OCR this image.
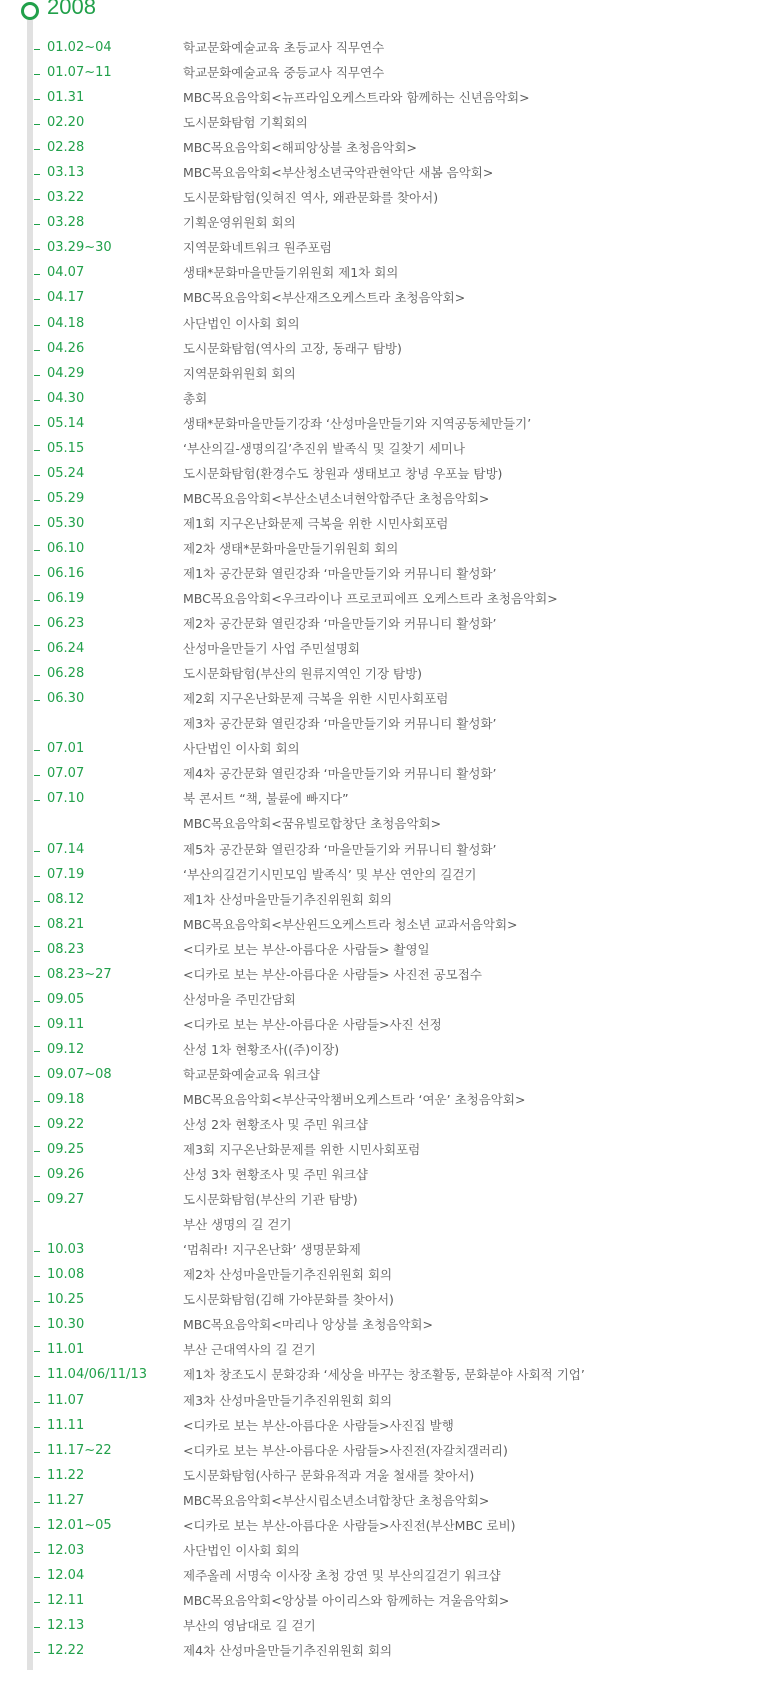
2008
01.02~04	학교문화예술교육 초등교사 직무연수
01.07~11	학교문화예술교육 중등교사 직무연수
01.31	MBC목요음악회<뉴프라임오케스트라와 함께하는 신년음악회>
02.20	도시문화탐험 기획회의
02.28	MBC목요음악회<해피앙상블 초청음악회>
03.13	MBC목요음악회<부산청소년국악관현악단 새봄 음악회>
03.22	도시문화탐험(잊혀진 역사, 왜관문화를 찾아서)
03.28	기획운영위원회 회의
03.29~30	지역문화네트워크 원주포럼
04.07	생태*문화마을만들기위원회 제1차 회의
04.17	MBC목요음악회<부산재즈오케스트라 초청음악회>
04.18	사단법인 이사회 회의
04.26	도시문화탐험(역사의 고장, 동래구 탐방)
04.29	지역문화위원회 회의
04.30	총회
05.14	생태*문화마을만들기강좌 ‘산성마을만들기와 지역공동체만들기’
05.15	‘부산의길-생명의길’추진위 발족식 및 길찾기 세미나
05.24	도시문화탐험(환경수도 창원과 생태보고 창녕 우포늪 탐방)
05.29	MBC목요음악회<부산소년소녀현악합주단 초청음악회>
05.30	제1회 지구온난화문제 극복을 위한 시민사회포럼
06.10	제2차 생태*문화마을만들기위원회 회의
06.16	제1차 공간문화 열린강좌 ‘마을만들기와 커뮤니티 활성화’
06.19	MBC목요음악회<우크라이나 프로코피에프 오케스트라 초청음악회>
06.23	제2차 공간문화 열린강좌 ‘마을만들기와 커뮤니티 활성화’
06.24	산성마을만들기 사업 주민설명회
06.28	도시문화탐험(부산의 원류지역인 기장 탐방)
06.30	제2회 지구온난화문제 극복을 위한 시민사회포럼
제3차 공간문화 열린강좌 ‘마을만들기와 커뮤니티 활성화’
07.01	사단법인 이사회 회의
07.07	제4차 공간문화 열린강좌 ‘마을만들기와 커뮤니티 활성화’
07.10	북 콘서트 “책, 불륜에 빠지다”
MBC목요음악회<꿈유빌로합창단 초청음악회>
07.14	제5차 공간문화 열린강좌 ‘마을만들기와 커뮤니티 활성화’
07.19	‘부산의길걷기시민모임 발족식’ 및 부산 연안의 길걷기
08.12	제1차 산성마을만들기추진위원회 회의
08.21	MBC목요음악회<부산윈드오케스트라 청소년 교과서음악회>
08.23	<디카로 보는 부산-아름다운 사람들> 촬영일
08.23~27	<디카로 보는 부산-아름다운 사람들> 사진전 공모접수
09.05	산성마을 주민간담회
09.11	<디카로 보는 부산-아름다운 사람들>사진 선정
09.12	산성 1차 현황조사((주)이장)
09.07~08	학교문화예술교육 워크샵
09.18	MBC목요음악회<부산국악챔버오케스트라 ‘여운’ 초청음악회>
09.22	산성 2차 현황조사 및 주민 워크샵
09.25	제3회 지구온난화문제를 위한 시민사회포럼
09.26	산성 3차 현황조사 및 주민 워크샵
09.27	도시문화탐험(부산의 기관 탐방)
부산 생명의 길 걷기
10.03	‘멈춰라! 지구온난화’ 생명문화제
10.08	제2차 산성마을만들기추진위원회 회의
10.25	도시문화탐험(김해 가야문화를 찾아서)
10.30	MBC목요음악회<마리나 앙상블 초청음악회>
11.01	부산 근대역사의 길 걷기
11.04/06/11/13	제1차 창조도시 문화강좌 ‘세상을 바꾸는 창조활동, 문화분야 사회적 기업’
11.07	제3차 산성마을만들기추진위원회 회의
11.11	<디카로 보는 부산-아름다운 사람들>사진집 발행
11.17~22	<디카로 보는 부산-아름다운 사람들>사진전(자갈치갤러리)
11.22	도시문화탐험(사하구 문화유적과 겨울 철새를 찾아서)
11.27	MBC목요음악회<부산시립소년소녀합창단 초청음악회>
12.01~05	<디카로 보는 부산-아름다운 사람들>사진전(부산MBC 로비)
12.03	사단법인 이사회 회의
12.04	제주올레 서명숙 이사장 초청 강연 및 부산의길걷기 워크샵
12.11	MBC목요음악회<앙상블 아이리스와 함께하는 겨울음악회>
12.13	부산의 영남대로 길 걷기
12.22	제4차 산성마을만들기추진위원회 회의
